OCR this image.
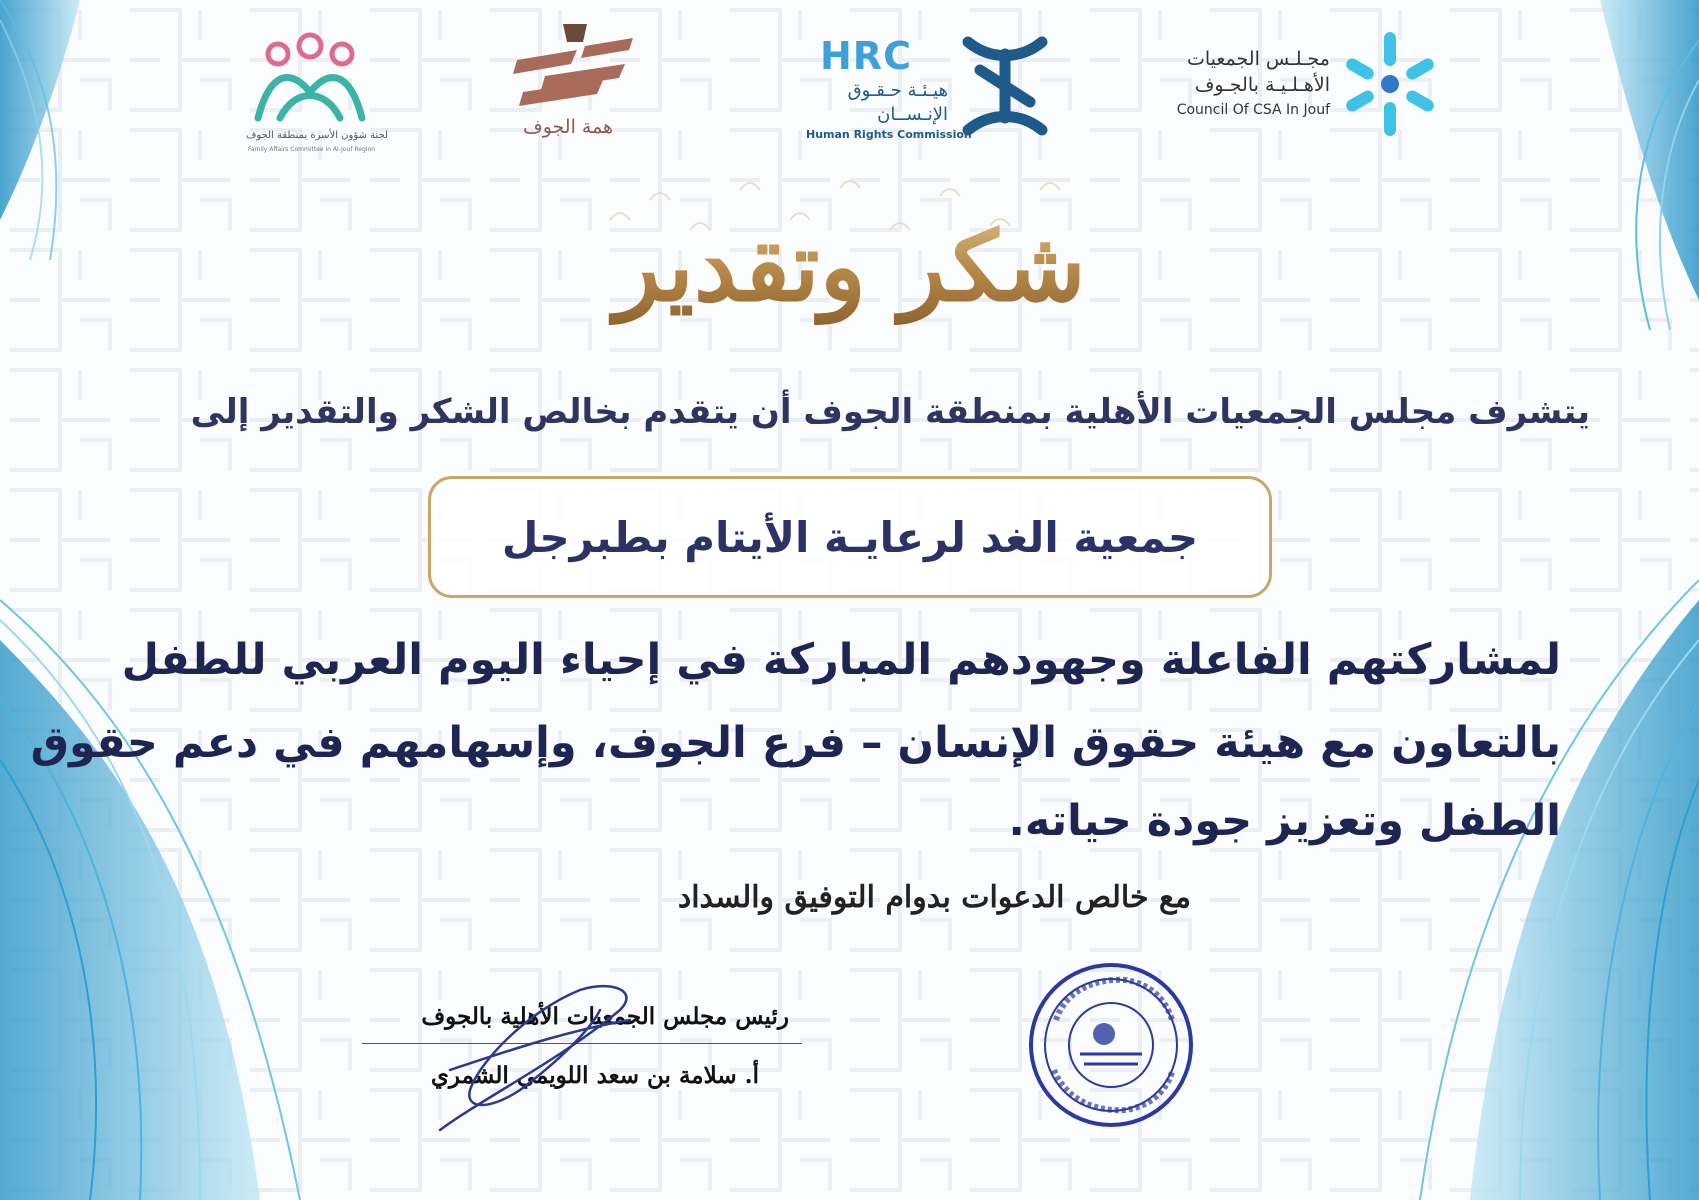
مجـلـس الجمعيات
الأهـلـيـة بالجـوف
Council Of CSA In Jouf
HRC
هيـئـة حـقـوق
الإنـســان
Human Rights Commission
همة الجوف
لجنة شؤون الأسرة بمنطقة الجوف
Family Affairs Committee in Al-Jouf Region
شكر وتقدير
يتشرف مجلس الجمعيات الأهلية بمنطقة الجوف أن يتقدم بخالص الشكر والتقدير إلى
جمعية الغد لرعايـة الأيتام بطبرجل
لمشاركتهم الفاعلة وجهودهم المباركة في إحياء اليوم العربي للطفل
بالتعاون مع هيئة حقوق الإنسان – فرع الجوف، وإسهامهم في دعم حقوق
الطفل وتعزيز جودة حياته.
مع خالص الدعوات بدوام التوفيق والسداد
رئيس مجلس الجمعيات الأهلية بالجوف
أ. سلامة بن سعد اللويمي الشمري
